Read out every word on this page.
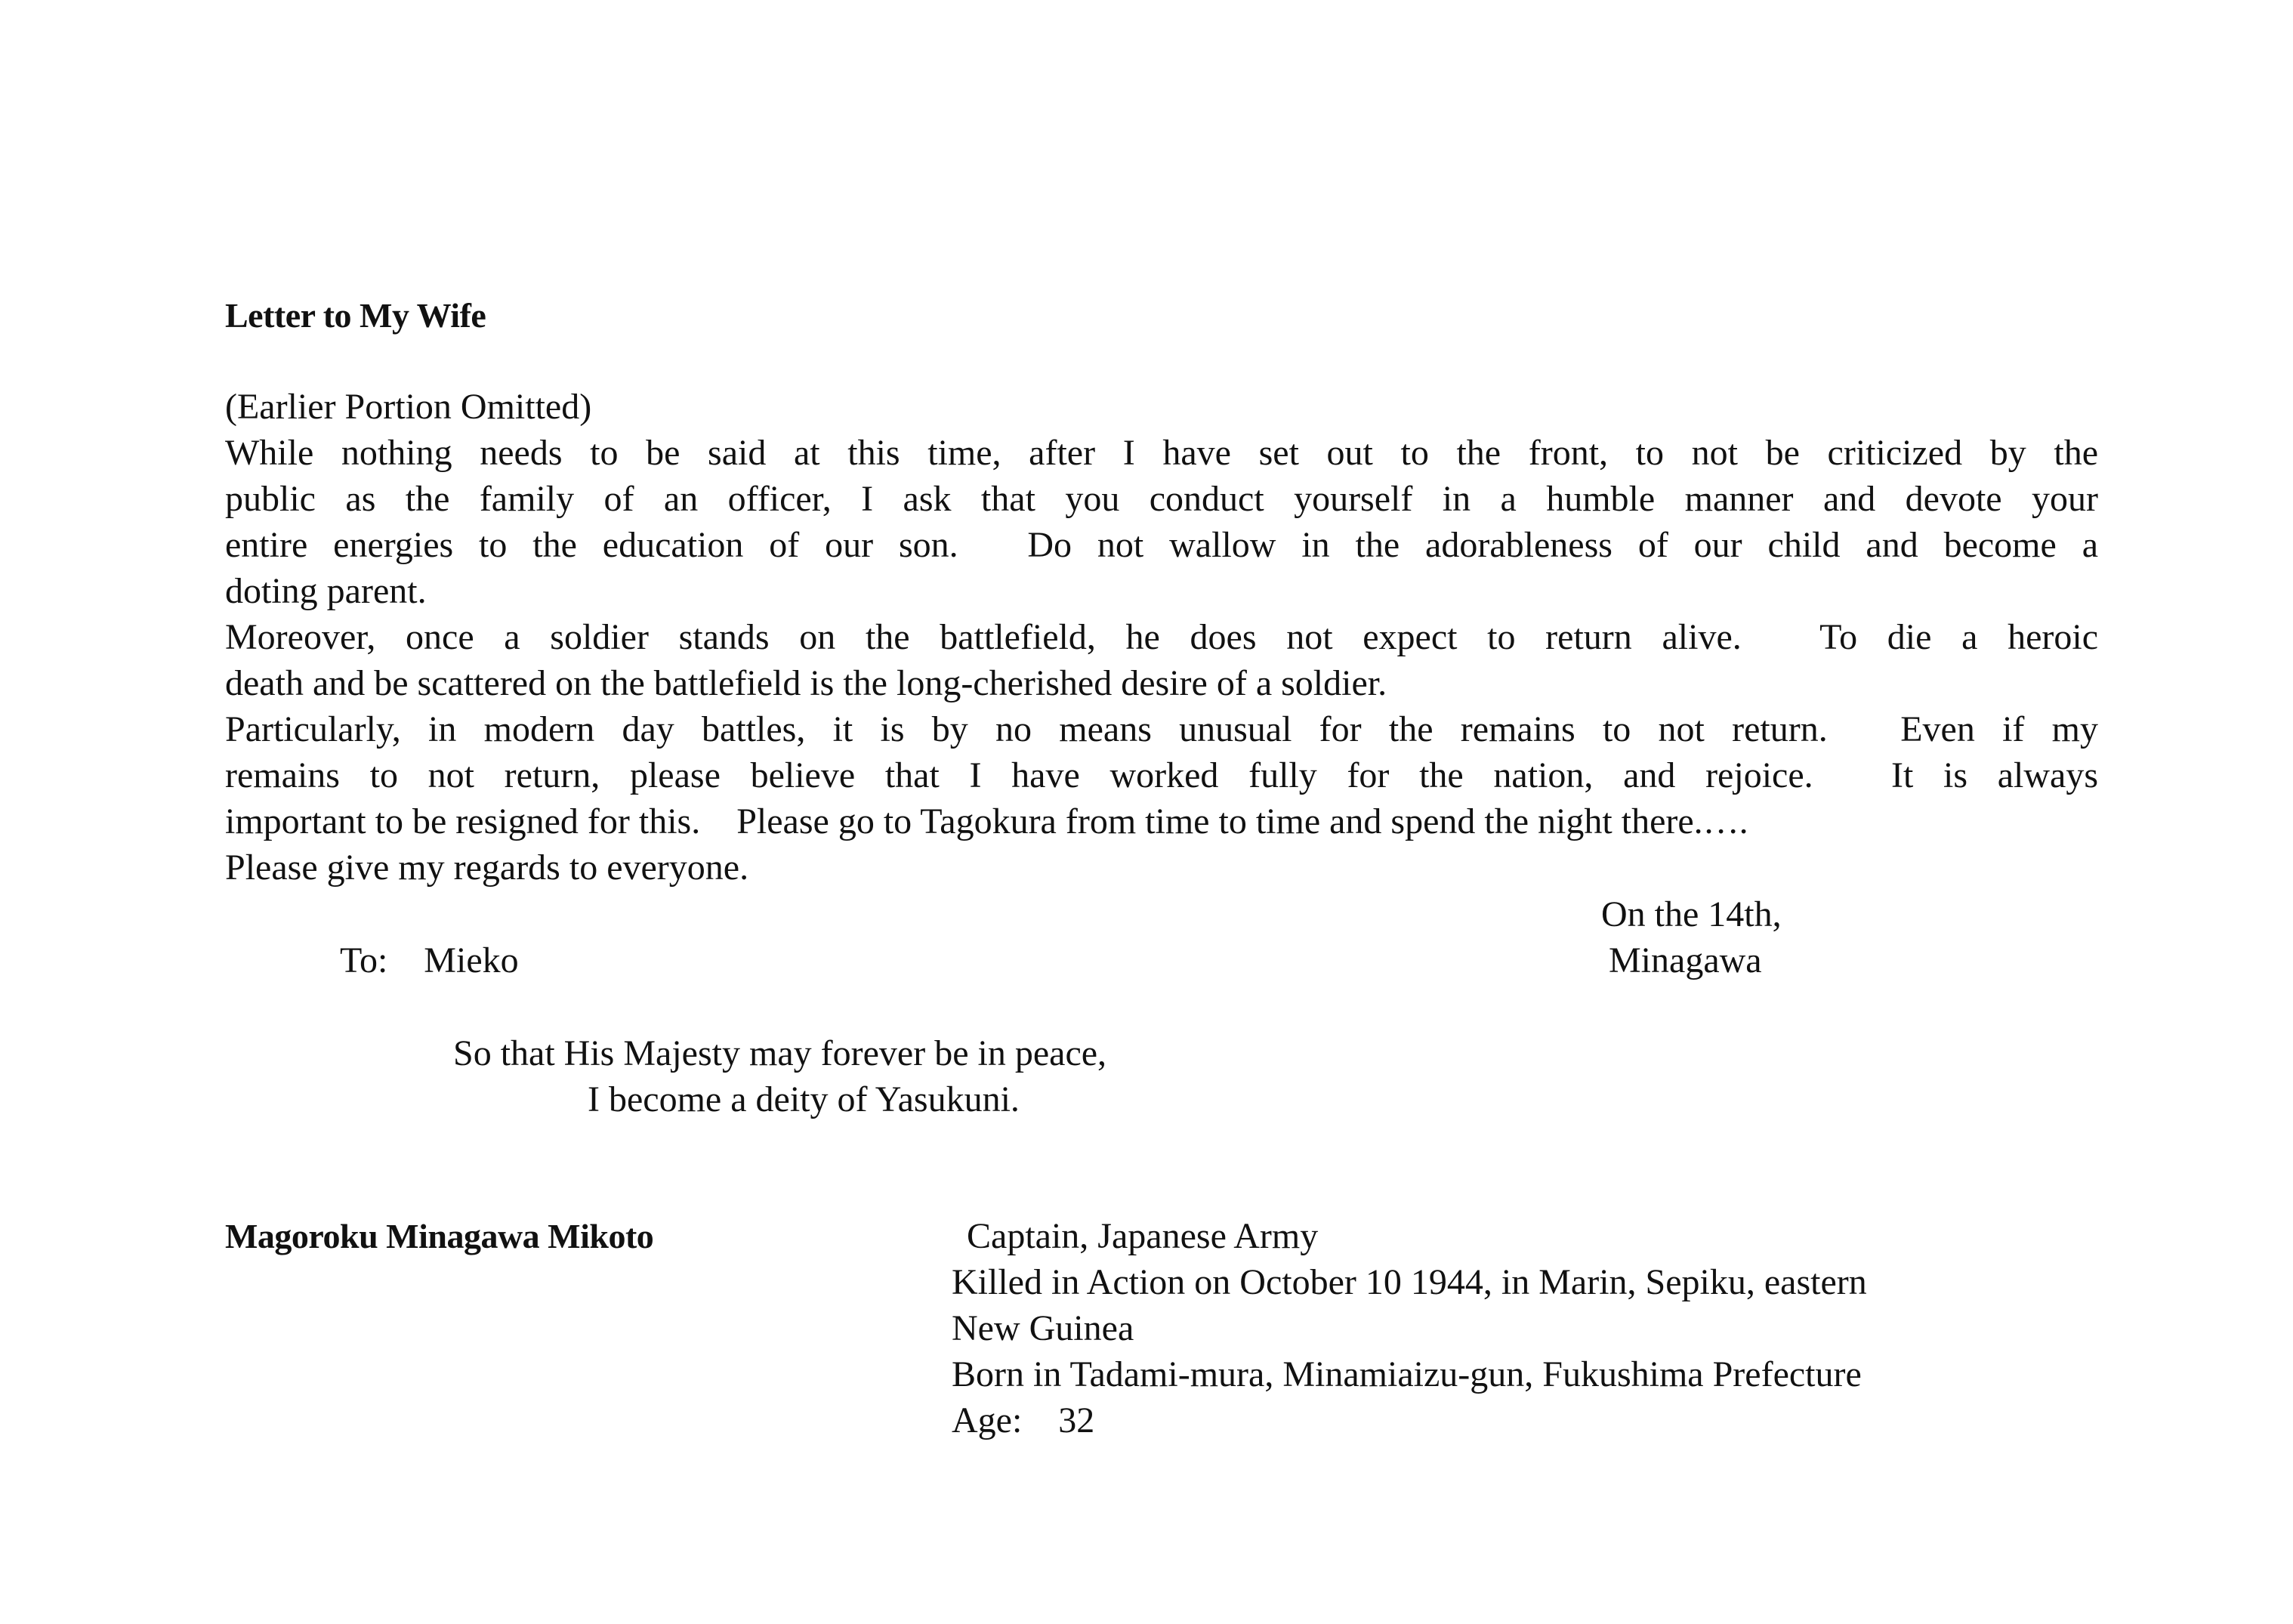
Letter to My Wife
(Earlier Portion Omitted)
While nothing needs to be said at this time, after I have set out to the front, to not be criticized by the
public as the family of an officer, I ask that you conduct yourself in a humble manner and devote your
entire energies to the education of our son.　Do not wallow in the adorableness of our child and become a
doting parent.
Moreover, once a soldier stands on the battlefield, he does not expect to return alive.　To die a heroic
death and be scattered on the battlefield is the long-cherished desire of a soldier.
Particularly, in modern day battles, it is by no means unusual for the remains to not return.　Even if my
remains to not return, please believe that I have worked fully for the nation, and rejoice.　It is always
important to be resigned for this.　Please go to Tagokura from time to time and spend the night there.….
Please give my regards to everyone.
On the 14th,
To:　Mieko	Minagawa
So that His Majesty may forever be in peace,
I become a deity of Yasukuni.
Magoroku Minagawa Mikoto	Captain, Japanese Army
Killed in Action on October 10 1944, in Marin, Sepiku, eastern
New Guinea
Born in Tadami-mura, Minamiaizu-gun, Fukushima Prefecture
Age:　32
